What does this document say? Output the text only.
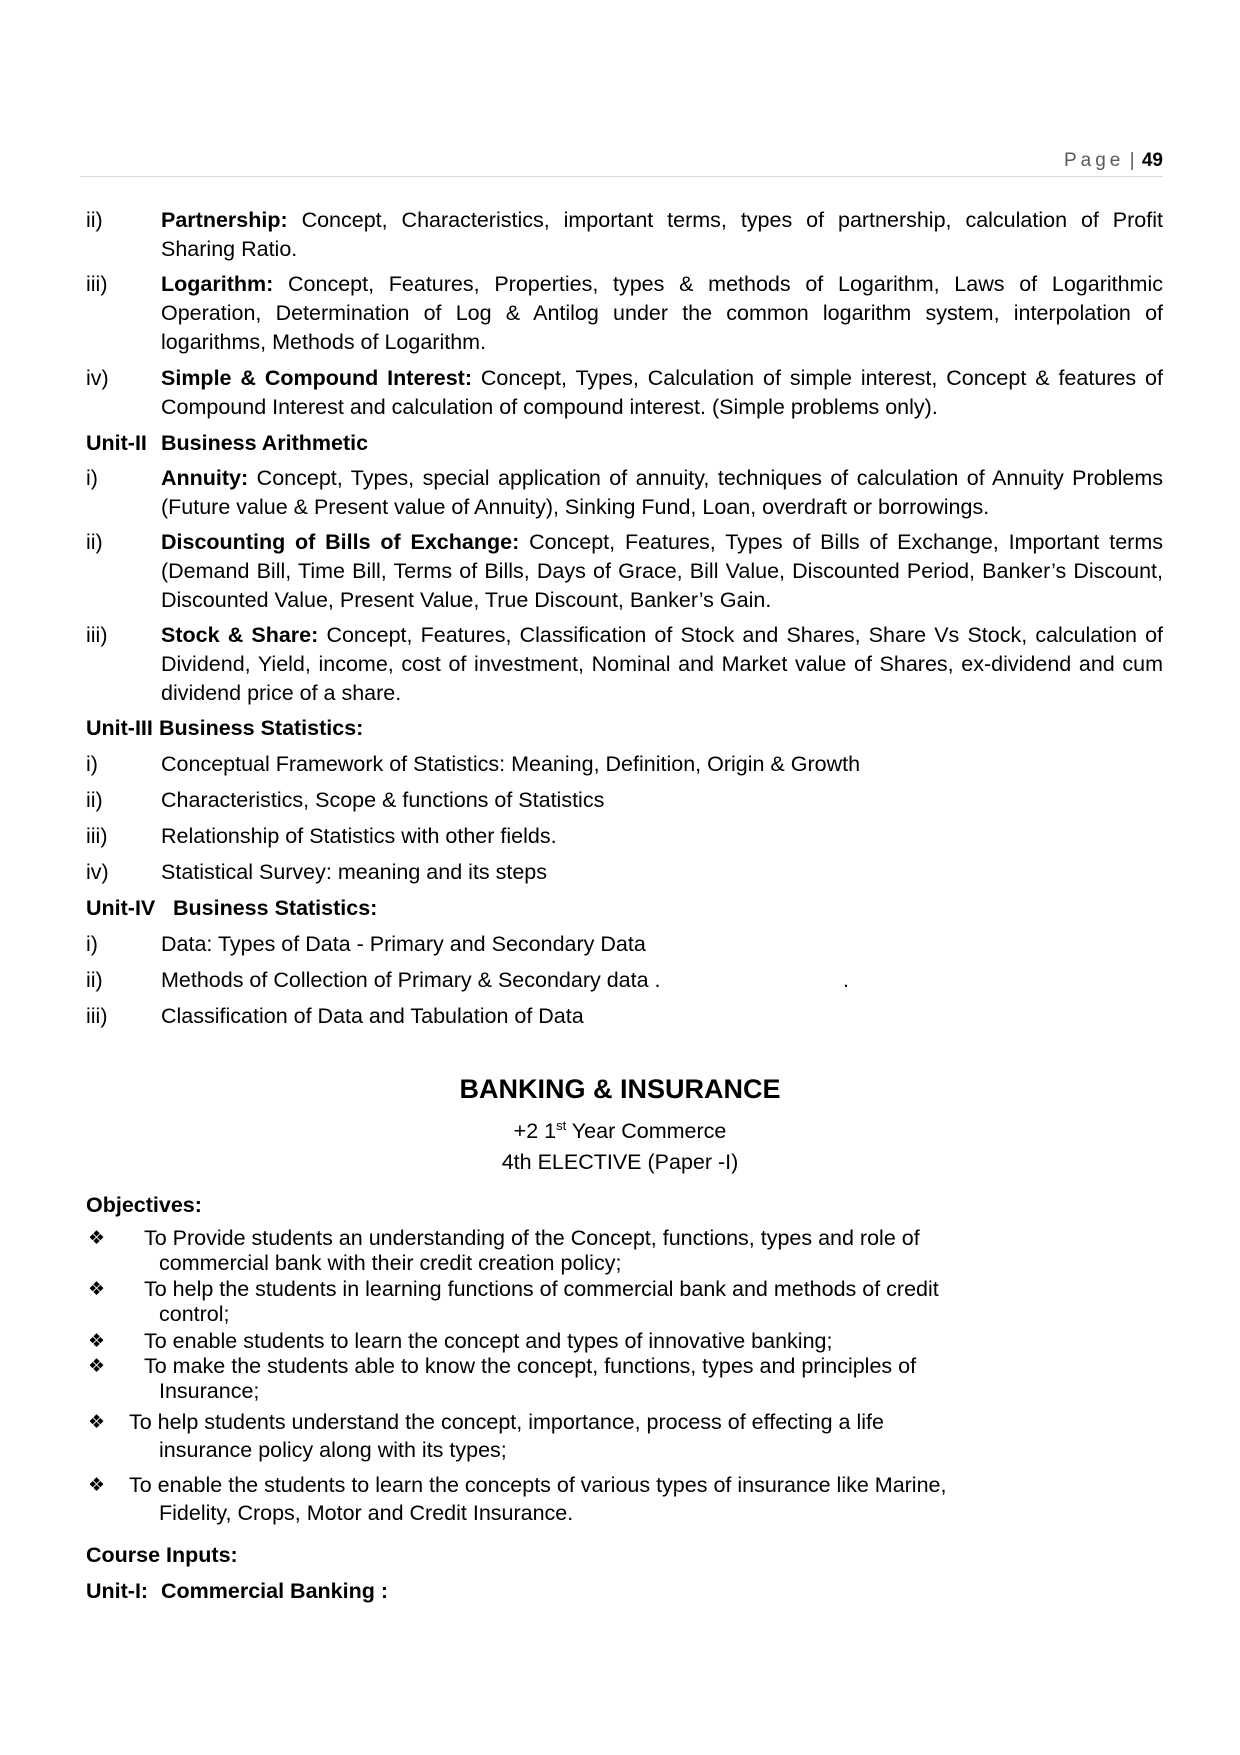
Page | 49
ii)	Partnership: Concept, Characteristics, important terms, types of partnership, calculation of Profit Sharing Ratio.
iii) Logarithm: Concept, Features, Properties, types & methods of Logarithm, Laws of Logarithmic Operation, Determination of Log & Antilog under the common logarithm system, interpolation of logarithms, Methods of Logarithm.
iv) Simple & Compound Interest: Concept, Types, Calculation of simple interest, Concept & features of Compound Interest and calculation of compound interest. (Simple problems only).
Unit-II Business Arithmetic
i)	Annuity: Concept, Types, special application of annuity, techniques of calculation of Annuity Problems (Future value & Present value of Annuity), Sinking Fund, Loan, overdraft or borrowings.
ii)	Discounting of Bills of Exchange: Concept, Features, Types of Bills of Exchange, Important terms (Demand Bill, Time Bill, Terms of Bills, Days of Grace, Bill Value, Discounted Period, Banker’s Discount, Discounted Value, Present Value, True Discount, Banker’s Gain.
iii) Stock & Share: Concept, Features, Classification of Stock and Shares, Share Vs Stock, calculation of Dividend, Yield, income, cost of investment, Nominal and Market value of Shares, ex-dividend and cum dividend price of a share.
Unit-III Business Statistics:
i)	Conceptual Framework of Statistics: Meaning, Definition, Origin & Growth
ii)	Characteristics, Scope & functions of Statistics
iii) Relationship of Statistics with other fields.
iv) Statistical Survey: meaning and its steps
Unit-IV Business Statistics:
i)	Data: Types of Data - Primary and Secondary Data
ii)	Methods of Collection of Primary & Secondary data .	.
iii) Classification of Data and Tabulation of Data
BANKING & INSURANCE
+2 1st Year Commerce
4th ELECTIVE (Paper -I)
Objectives:
❖ To Provide students an understanding of the Concept, functions, types and role of
commercial bank with their credit creation policy;
❖ To help the students in learning functions of commercial bank and methods of credit
control;
❖ To enable students to learn the concept and types of innovative banking;
❖ To make the students able to know the concept, functions, types and principles of
Insurance;
❖ To help students understand the concept, importance, process of effecting a life
insurance policy along with its types;
❖ To enable the students to learn the concepts of various types of insurance like Marine,
Fidelity, Crops, Motor and Credit Insurance.
Course Inputs:
Unit-I: Commercial Banking :
